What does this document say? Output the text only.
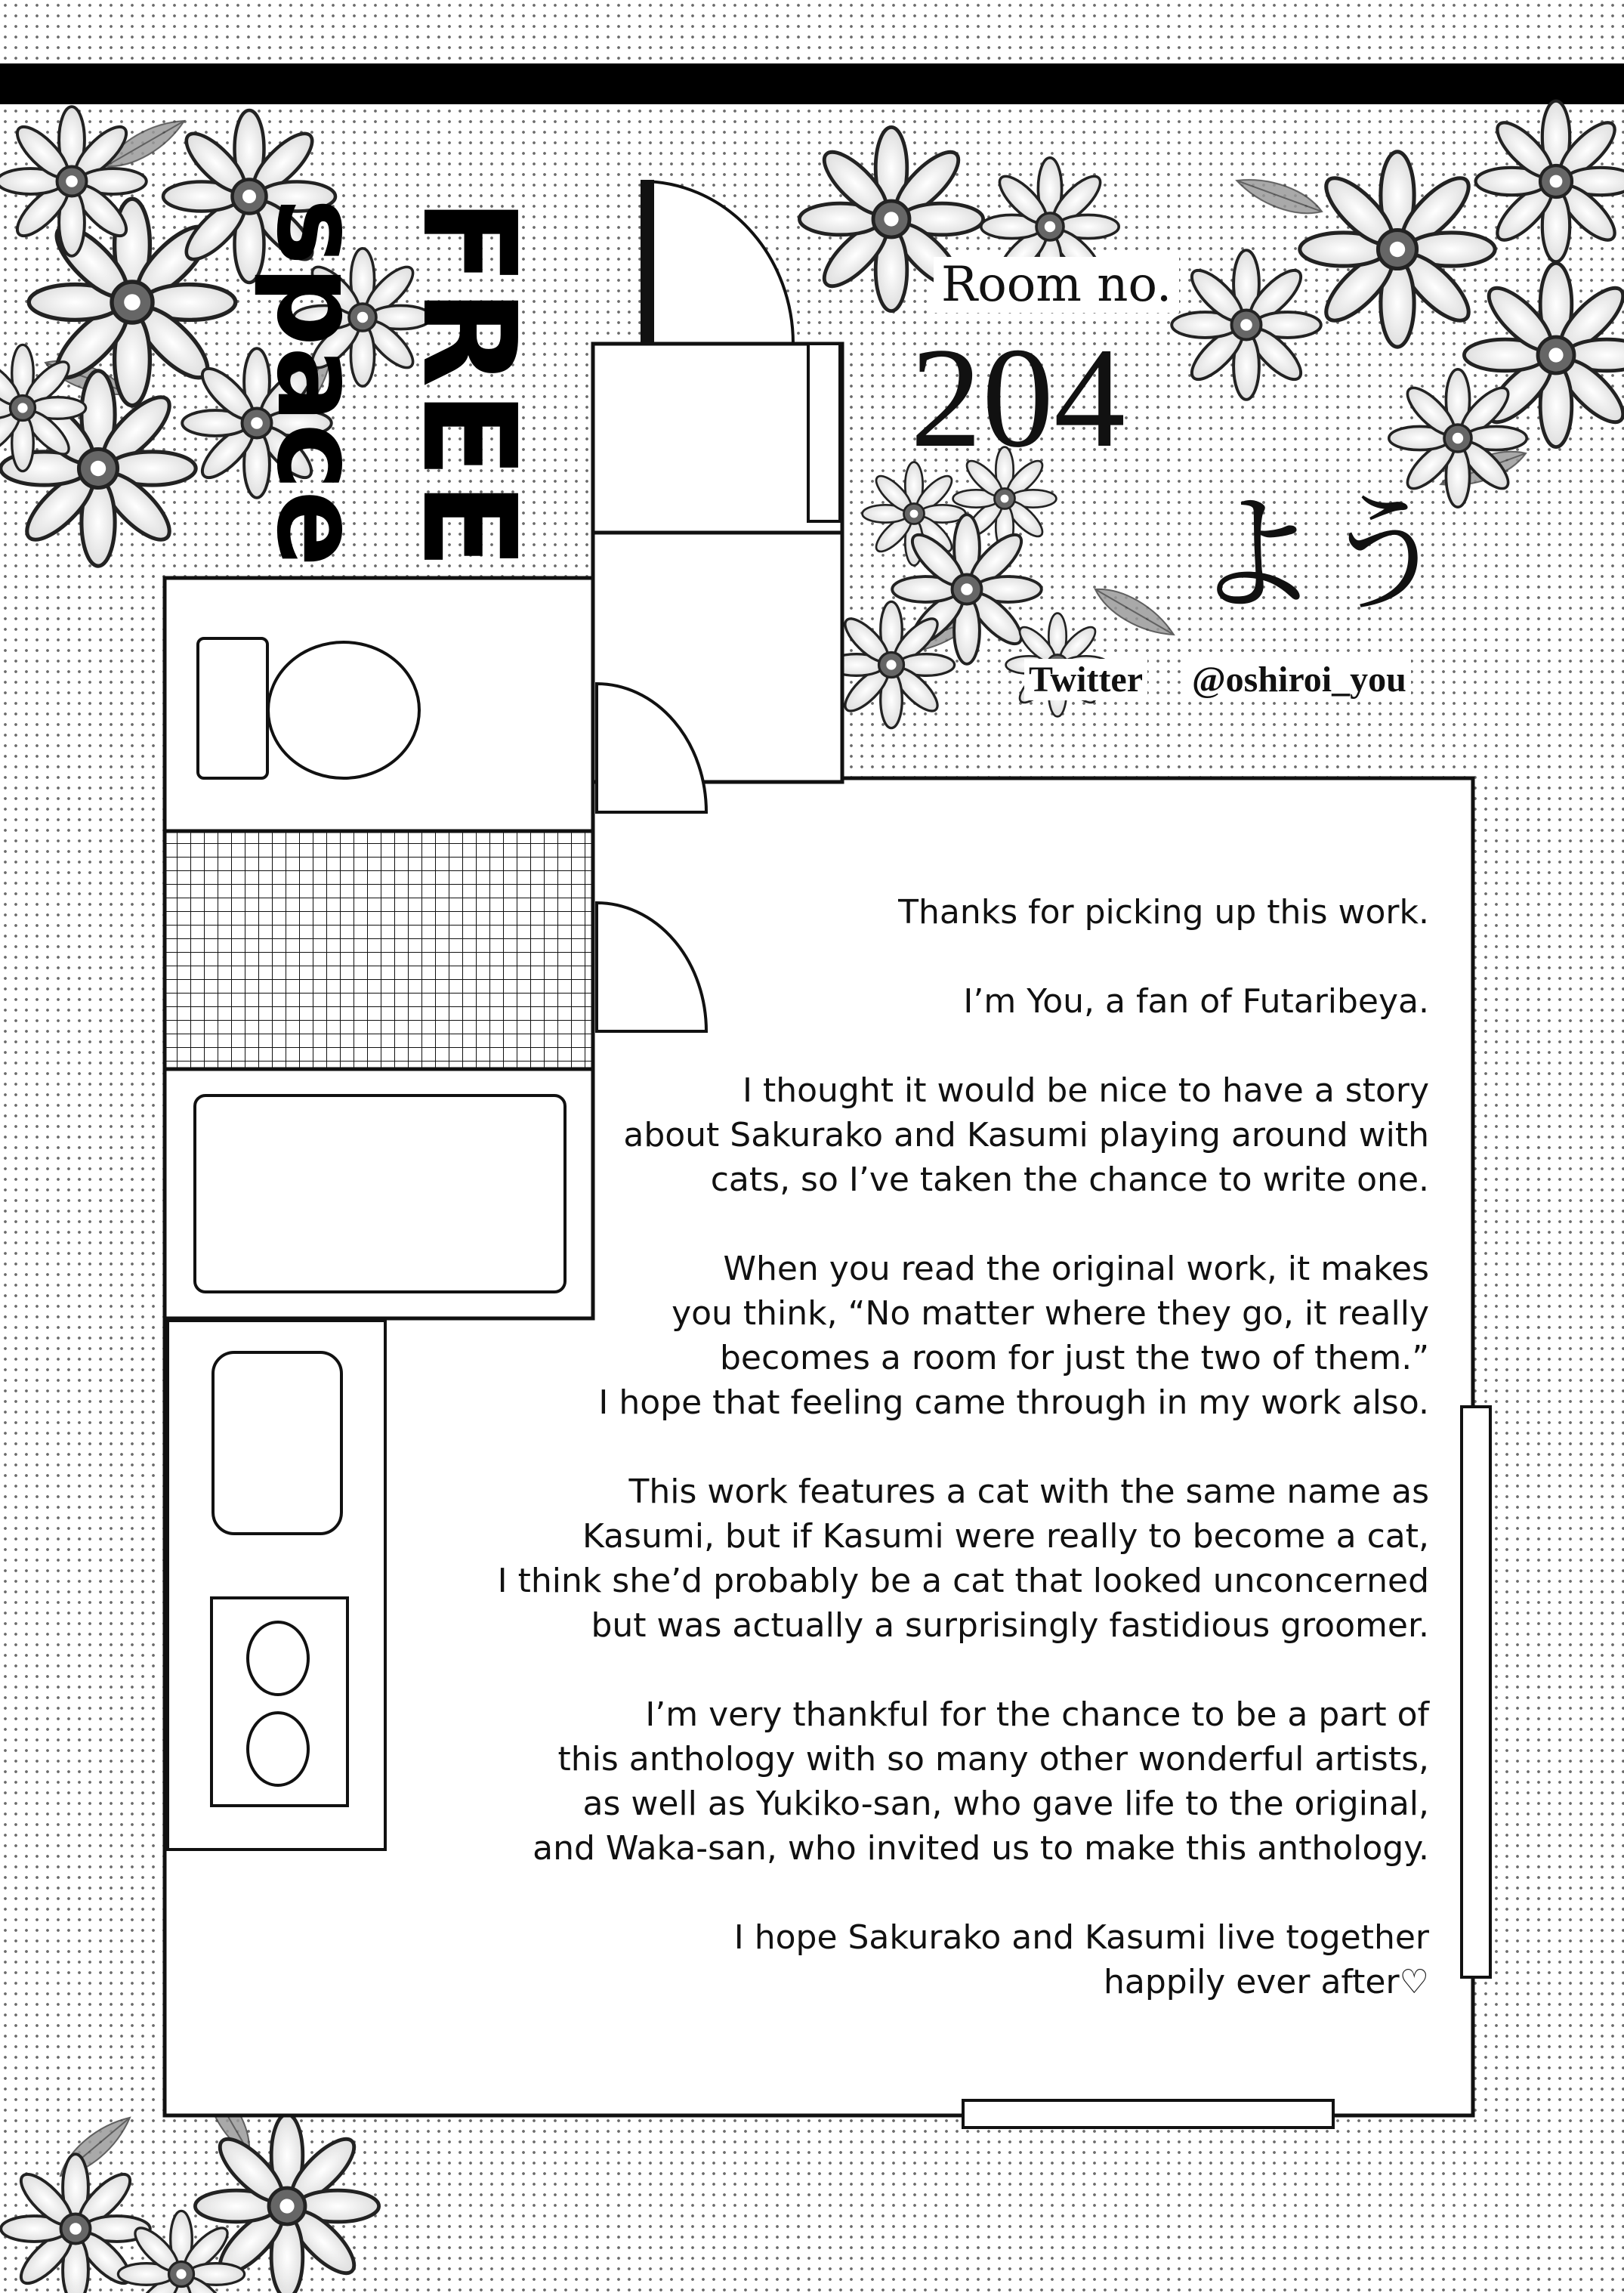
FREE
space	Room no.
204
よう
Twitter @oshiroi_you

Thanks for picking up this work.

I’m You, a fan of Futaribeya.

I thought it would be nice to have a story
about Sakurako and Kasumi playing around with
cats, so I’ve taken the chance to write one.

When you read the original work, it makes
you think, “No matter where they go, it really
becomes a room for just the two of them.”
I hope that feeling came through in my work also.

This work features a cat with the same name as
Kasumi, but if Kasumi were really to become a cat,
I think she’d probably be a cat that looked unconcerned
but was actually a surprisingly fastidious groomer.

I’m very thankful for the chance to be a part of
this anthology with so many other wonderful artists,
as well as Yukiko-san, who gave life to the original,
and Waka-san, who invited us to make this anthology.

I hope Sakurako and Kasumi live together
happily ever after♡
